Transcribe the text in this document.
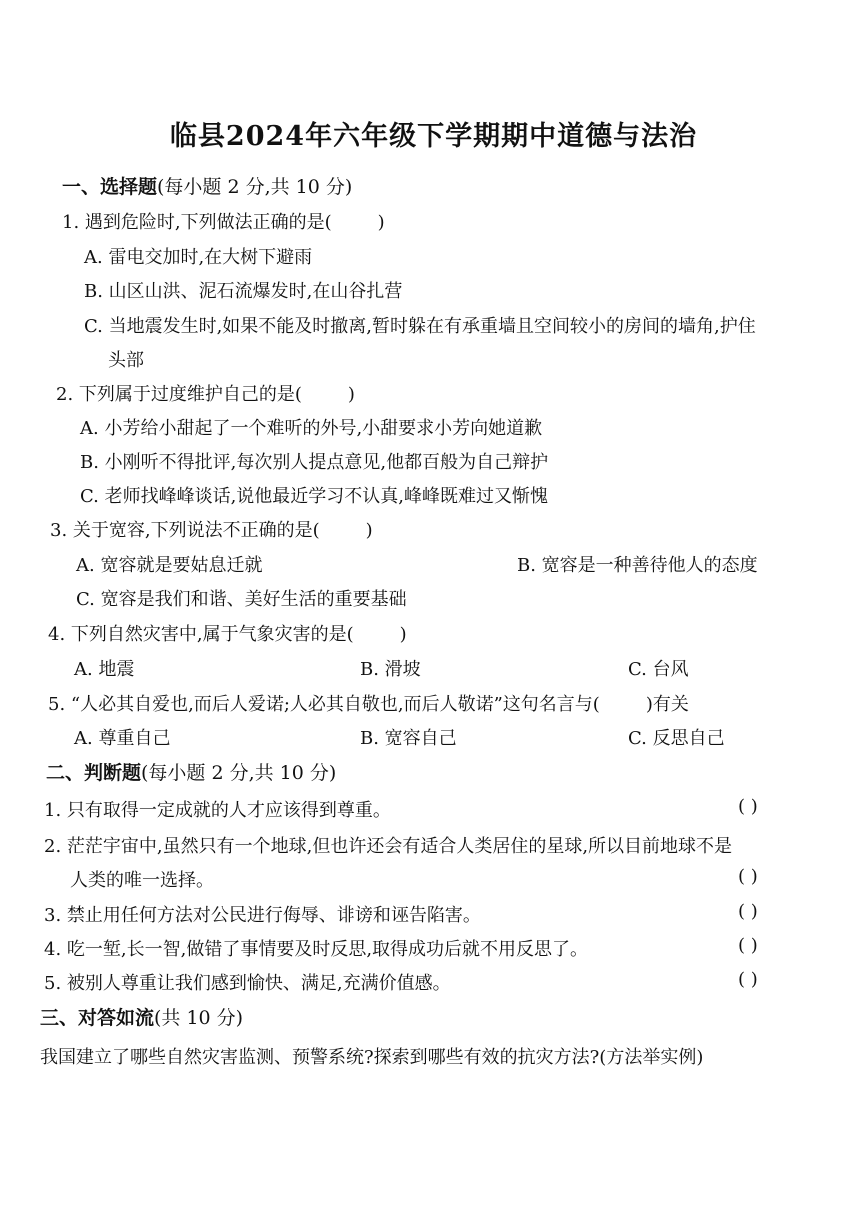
临县2024年六年级下学期期中道德与法治
一、选择题(每小题 2 分,共 10 分)
1. 遇到危险时,下列做法正确的是(	)
A. 雷电交加时,在大树下避雨
B. 山区山洪、泥石流爆发时,在山谷扎营
C. 当地震发生时,如果不能及时撤离,暂时躲在有承重墙且空间较小的房间的墙角,护住
头部
2. 下列属于过度维护自己的是(	)
A. 小芳给小甜起了一个难听的外号,小甜要求小芳向她道歉
B. 小刚听不得批评,每次别人提点意见,他都百般为自己辩护
C. 老师找峰峰谈话,说他最近学习不认真,峰峰既难过又惭愧
3. 关于宽容,下列说法不正确的是(	)
A. 宽容就是要姑息迁就	B. 宽容是一种善待他人的态度
C. 宽容是我们和谐、美好生活的重要基础
4. 下列自然灾害中,属于气象灾害的是(	)
A. 地震	B. 滑坡	C. 台风
5. “人必其自爱也,而后人爱诺;人必其自敬也,而后人敬诺”这句名言与(	)有关
A. 尊重自己	B. 宽容自己	C. 反思自己
二、判断题(每小题 2 分,共 10 分)
1. 只有取得一定成就的人才应该得到尊重。	( )
2. 茫茫宇宙中,虽然只有一个地球,但也许还会有适合人类居住的星球,所以目前地球不是
人类的唯一选择。	( )
3. 禁止用任何方法对公民进行侮辱、诽谤和诬告陷害。	( )
4. 吃一堑,长一智,做错了事情要及时反思,取得成功后就不用反思了。	( )
5. 被别人尊重让我们感到愉快、满足,充满价值感。	( )
三、对答如流(共 10 分)
我国建立了哪些自然灾害监测、预警系统?探索到哪些有效的抗灾方法?(方法举实例)
